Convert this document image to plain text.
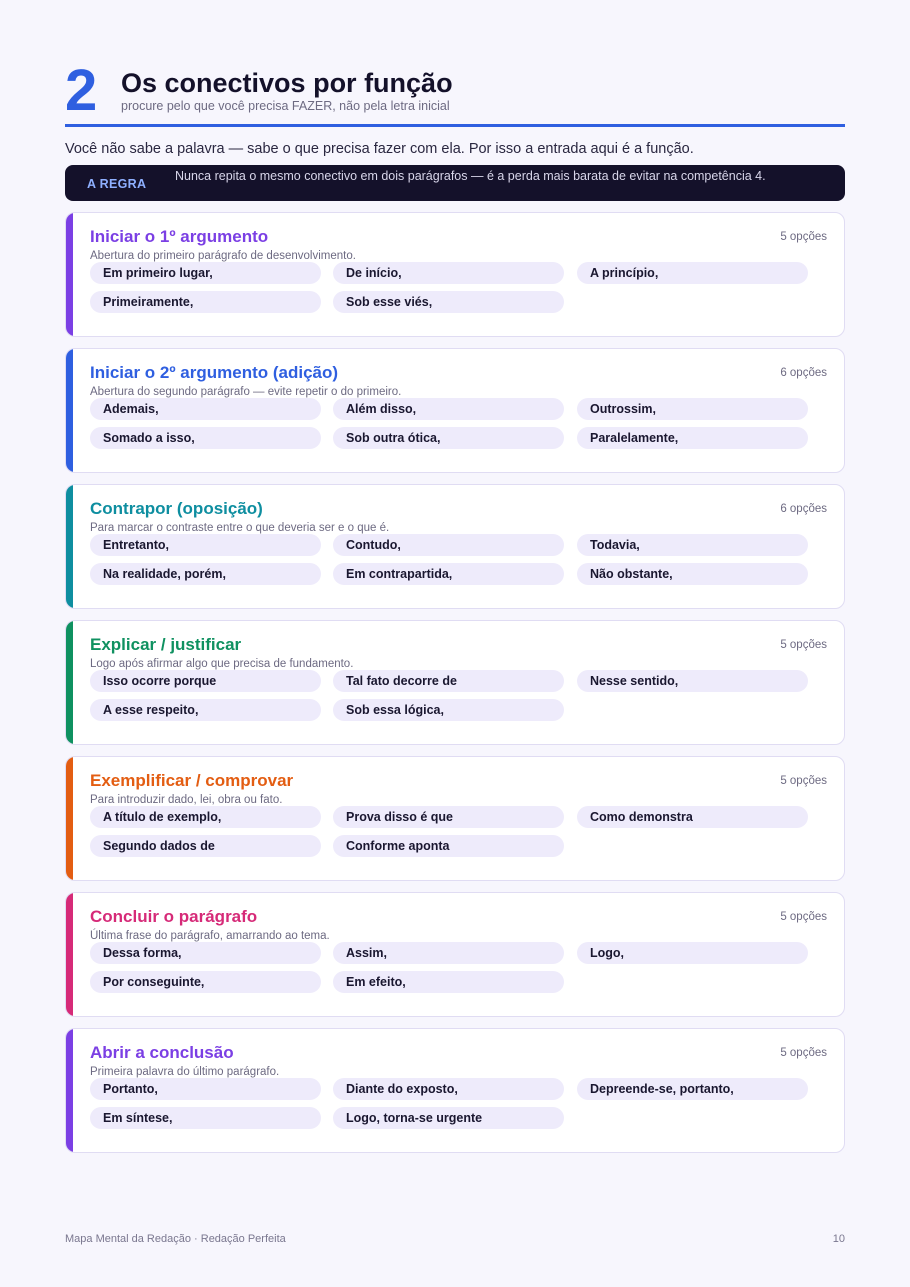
2 Os conectivos por função
procure pelo que você precisa FAZER, não pela letra inicial
Você não sabe a palavra — sabe o que precisa fazer com ela. Por isso a entrada aqui é a função.
A REGRA
Nunca repita o mesmo conectivo em dois parágrafos — é a perda mais barata de evitar na competência 4.
Iniciar o 1º argumento	5 opções
Abertura do primeiro parágrafo de desenvolvimento.
Em primeiro lugar,	De início,	A princípio,
Primeiramente,	Sob esse viés,
Iniciar o 2º argumento (adição)	6 opções
Abertura do segundo parágrafo — evite repetir o do primeiro.
Ademais,	Além disso,	Outrossim,
Somado a isso,	Sob outra ótica,	Paralelamente,
Contrapor (oposição)	6 opções
Para marcar o contraste entre o que deveria ser e o que é.
Entretanto,	Contudo,	Todavia,
Na realidade, porém,	Em contrapartida,	Não obstante,
Explicar / justificar	5 opções
Logo após afirmar algo que precisa de fundamento.
Isso ocorre porque	Tal fato decorre de	Nesse sentido,
A esse respeito,	Sob essa lógica,
Exemplificar / comprovar	5 opções
Para introduzir dado, lei, obra ou fato.
A título de exemplo,	Prova disso é que	Como demonstra
Segundo dados de	Conforme aponta
Concluir o parágrafo	5 opções
Última frase do parágrafo, amarrando ao tema.
Dessa forma,	Assim,	Logo,
Por conseguinte,	Em efeito,
Abrir a conclusão	5 opções
Primeira palavra do último parágrafo.
Portanto,	Diante do exposto,	Depreende-se, portanto,
Em síntese,	Logo, torna-se urgente
Mapa Mental da Redação · Redação Perfeita	10
